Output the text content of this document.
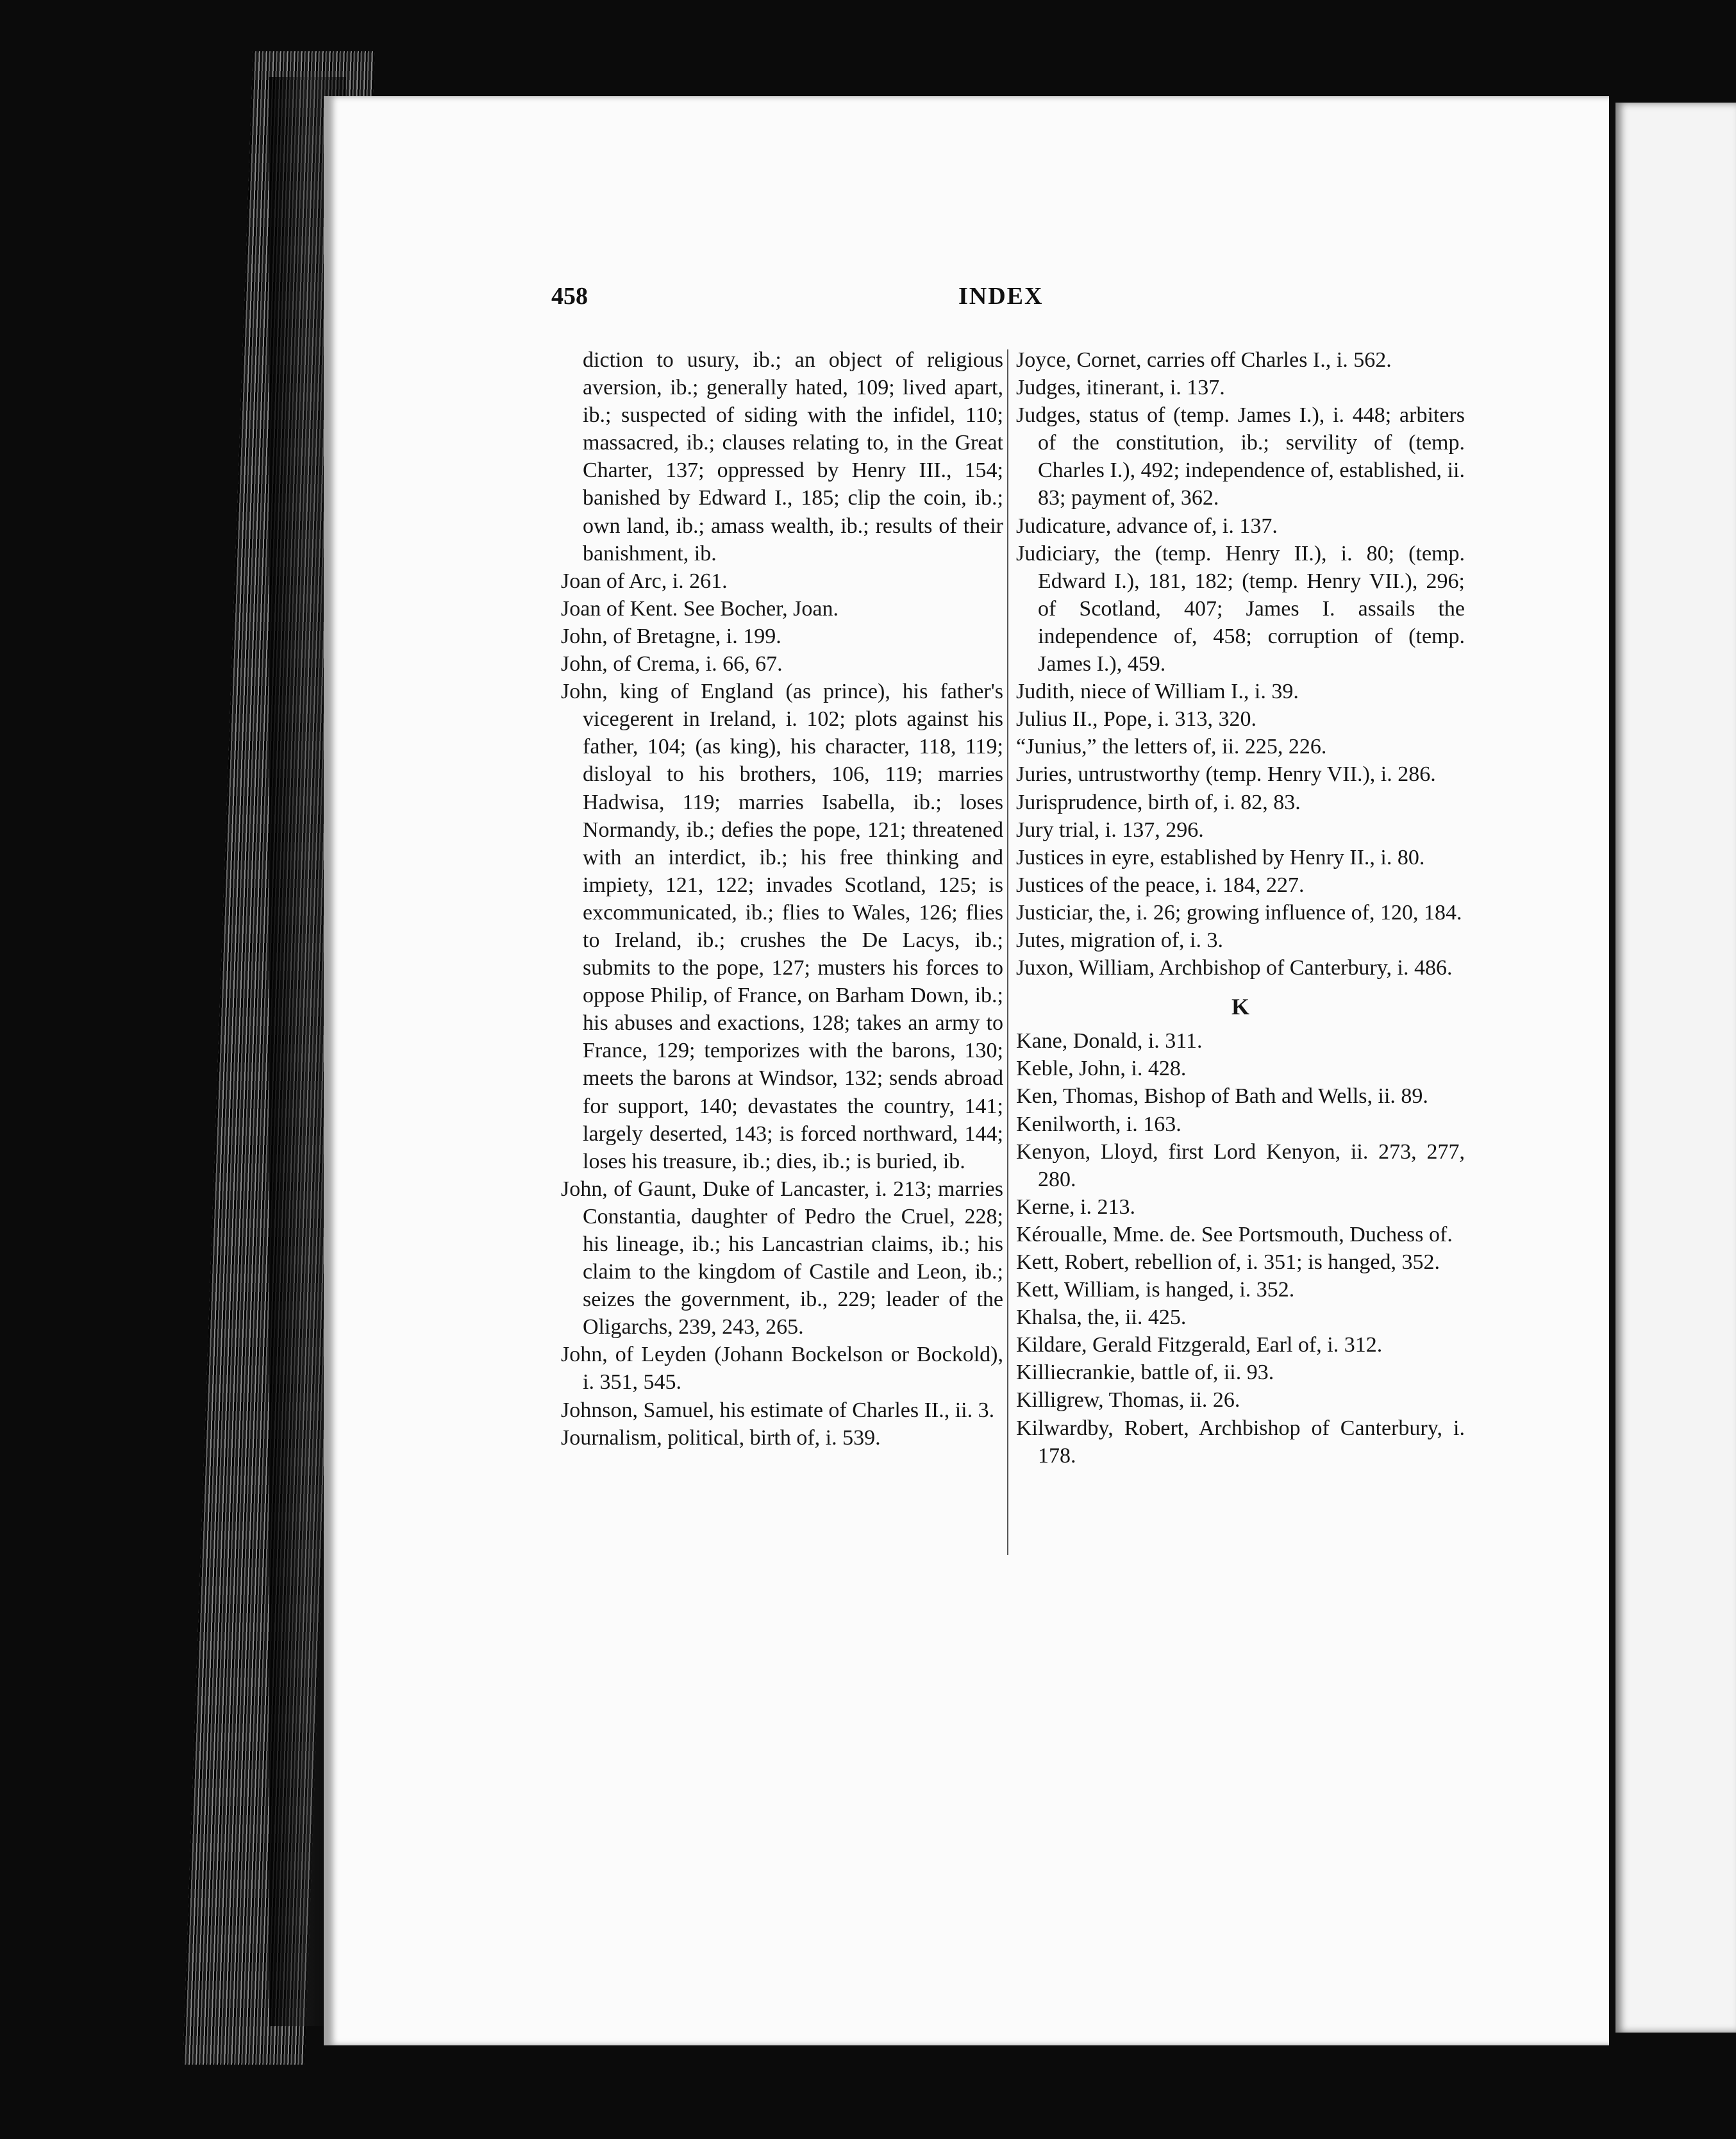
458	INDEX

diction to usury, ib.; an object of religious aversion, ib.; generally hated, 109; lived apart, ib.; suspected of siding with the infidel, 110; massacred, ib.; clauses relating to, in the Great Charter, 137; oppressed by Henry III., 154; banished by Edward I., 185; clip the coin, ib.; own land, ib.; amass wealth, ib.; results of their banishment, ib.

Joan of Arc, i. 261.

Joan of Kent. See Bocher, Joan.

John, of Bretagne, i. 199.

John, of Crema, i. 66, 67.

John, king of England (as prince), his father's vicegerent in Ireland, i. 102; plots against his father, 104; (as king), his character, 118, 119; disloyal to his brothers, 106, 119; marries Hadwisa, 119; marries Isabella, ib.; loses Normandy, ib.; defies the pope, 121; threatened with an interdict, ib.; his free thinking and impiety, 121, 122; invades Scotland, 125; is excommunicated, ib.; flies to Wales, 126; flies to Ireland, ib.; crushes the De Lacys, ib.; submits to the pope, 127; musters his forces to oppose Philip, of France, on Barham Down, ib.; his abuses and exactions, 128; takes an army to France, 129; temporizes with the barons, 130; meets the barons at Windsor, 132; sends abroad for support, 140; devastates the country, 141; largely deserted, 143; is forced northward, 144; loses his treasure, ib.; dies, ib.; is buried, ib.

John, of Gaunt, Duke of Lancaster, i. 213; marries Constantia, daughter of Pedro the Cruel, 228; his lineage, ib.; his Lancastrian claims, ib.; his claim to the kingdom of Castile and Leon, ib.; seizes the government, ib., 229; leader of the Oligarchs, 239, 243, 265.

John, of Leyden (Johann Bockelson or Bockold), i. 351, 545.

Johnson, Samuel, his estimate of Charles II., ii. 3.

Journalism, political, birth of, i. 539.

Joyce, Cornet, carries off Charles I., i. 562.

Judges, itinerant, i. 137.

Judges, status of (temp. James I.), i. 448; arbiters of the constitution, ib.; servility of (temp. Charles I.), 492; independence of, established, ii. 83; payment of, 362.

Judicature, advance of, i. 137.

Judiciary, the (temp. Henry II.), i. 80; (temp. Edward I.), 181, 182; (temp. Henry VII.), 296; of Scotland, 407; James I. assails the independence of, 458; corruption of (temp. James I.), 459.

Judith, niece of William I., i. 39.

Julius II., Pope, i. 313, 320.

“Junius,” the letters of, ii. 225, 226.

Juries, untrustworthy (temp. Henry VII.), i. 286.

Jurisprudence, birth of, i. 82, 83.

Jury trial, i. 137, 296.

Justices in eyre, established by Henry II., i. 80.

Justices of the peace, i. 184, 227.

Justiciar, the, i. 26; growing influence of, 120, 184.

Jutes, migration of, i. 3.

Juxon, William, Archbishop of Canterbury, i. 486.

K

Kane, Donald, i. 311.

Keble, John, i. 428.

Ken, Thomas, Bishop of Bath and Wells, ii. 89.

Kenilworth, i. 163.

Kenyon, Lloyd, first Lord Kenyon, ii. 273, 277, 280.

Kerne, i. 213.

Kéroualle, Mme. de. See Portsmouth, Duchess of.

Kett, Robert, rebellion of, i. 351; is hanged, 352.

Kett, William, is hanged, i. 352.

Khalsa, the, ii. 425.

Kildare, Gerald Fitzgerald, Earl of, i. 312.

Killiecrankie, battle of, ii. 93.

Killigrew, Thomas, ii. 26.

Kilwardby, Robert, Archbishop of Canterbury, i. 178.
